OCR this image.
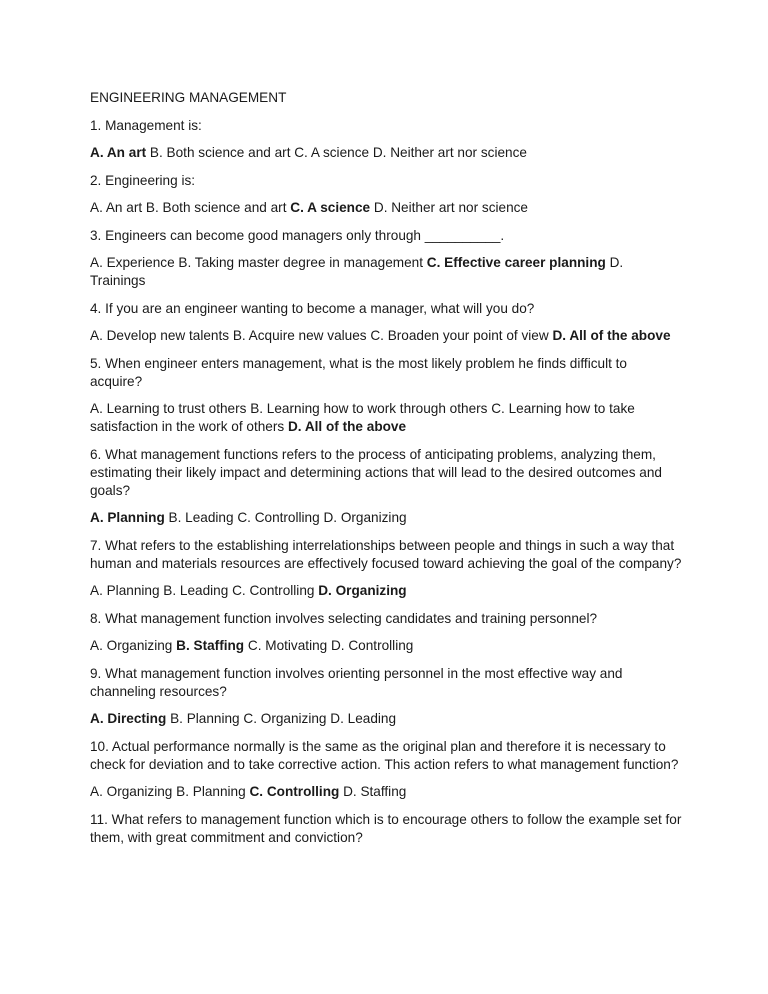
ENGINEERING MANAGEMENT

1. Management is:

A. An art B. Both science and art C. A science D. Neither art nor science

2. Engineering is:

A. An art B. Both science and art C. A science D. Neither art nor science

3. Engineers can become good managers only through __________.

A. Experience B. Taking master degree in management C. Effective career planning D. Trainings

4. If you are an engineer wanting to become a manager, what will you do?

A. Develop new talents B. Acquire new values C. Broaden your point of view D. All of the above

5. When engineer enters management, what is the most likely problem he finds difficult to acquire?

A. Learning to trust others B. Learning how to work through others C. Learning how to take satisfaction in the work of others D. All of the above

6. What management functions refers to the process of anticipating problems, analyzing them, estimating their likely impact and determining actions that will lead to the desired outcomes and goals?

A. Planning B. Leading C. Controlling D. Organizing

7. What refers to the establishing interrelationships between people and things in such a way that human and materials resources are effectively focused toward achieving the goal of the company?

A. Planning B. Leading C. Controlling D. Organizing

8. What management function involves selecting candidates and training personnel?

A. Organizing B. Staffing C. Motivating D. Controlling

9. What management function involves orienting personnel in the most effective way and channeling resources?

A. Directing B. Planning C. Organizing D. Leading

10. Actual performance normally is the same as the original plan and therefore it is necessary to check for deviation and to take corrective action. This action refers to what management function?

A. Organizing B. Planning C. Controlling D. Staffing

11. What refers to management function which is to encourage others to follow the example set for them, with great commitment and conviction?
